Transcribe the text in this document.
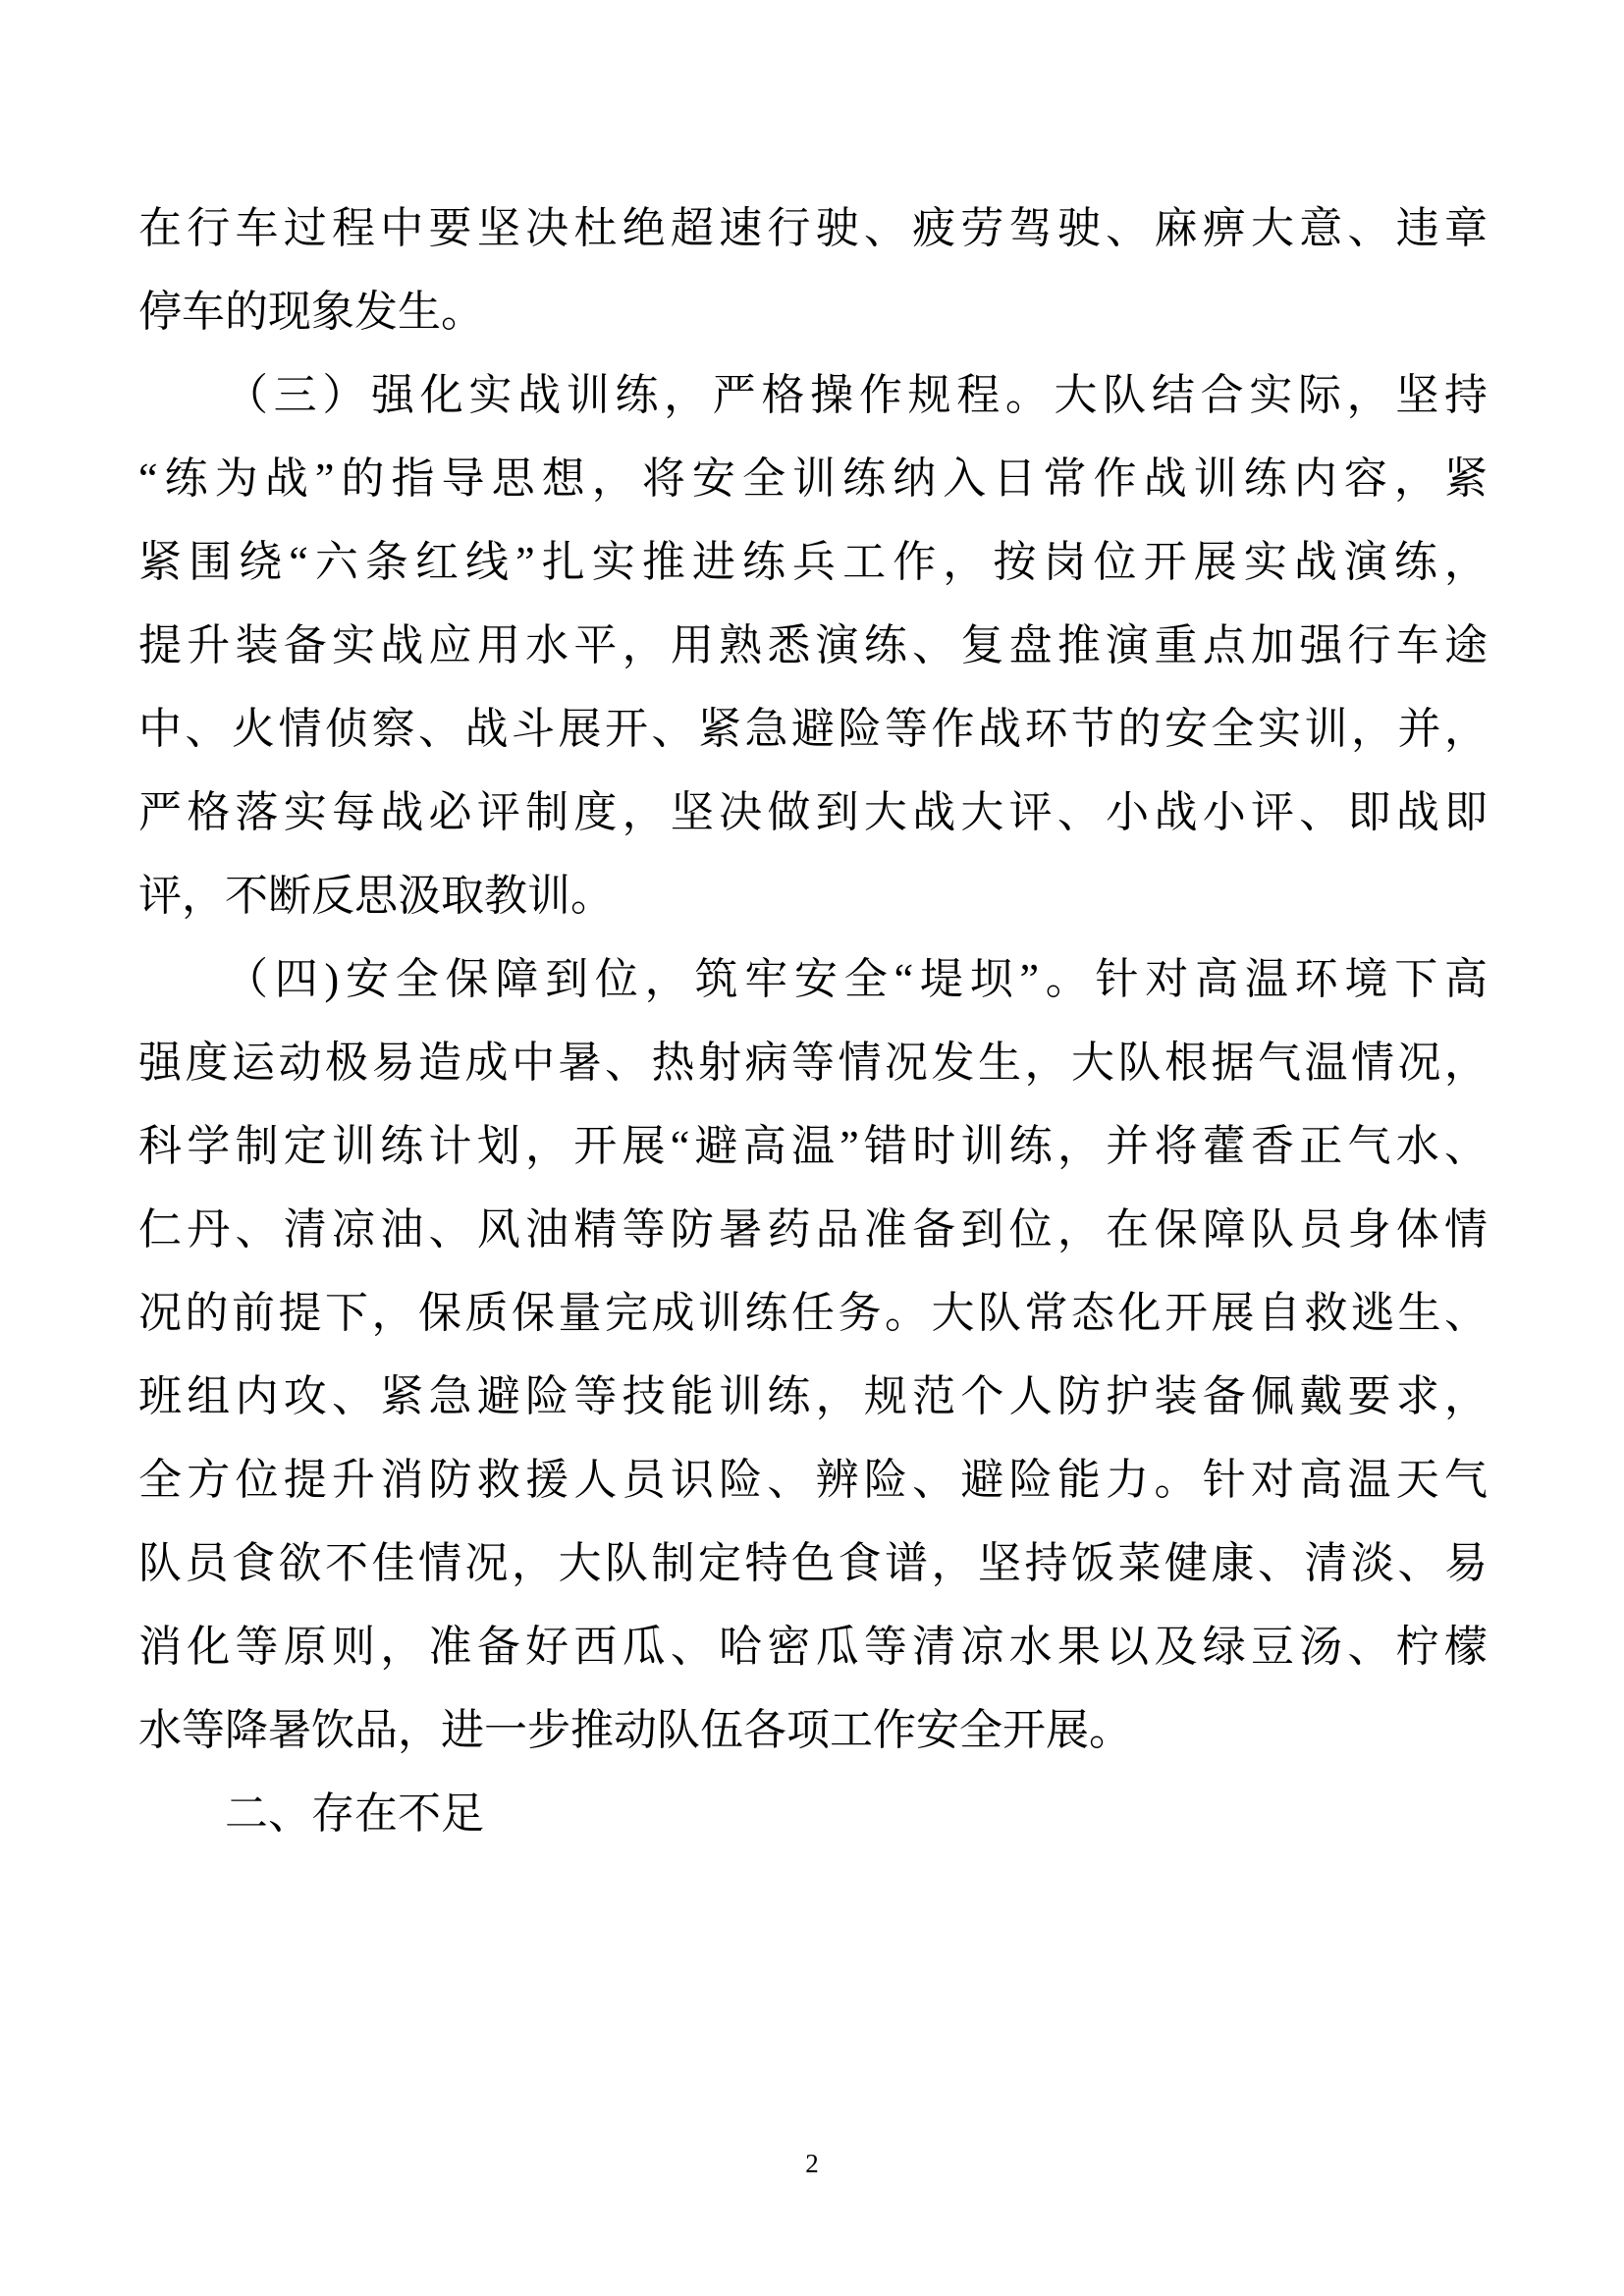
在行车过程中要坚决杜绝超速行驶、疲劳驾驶、麻痹大意、违章
停车的现象发生。
（三）强化实战训练，严格操作规程。大队结合实际，坚持
“练为战”的指导思想，将安全训练纳入日常作战训练内容，紧
紧围绕“六条红线”扎实推进练兵工作，按岗位开展实战演练，
提升装备实战应用水平，用熟悉演练、复盘推演重点加强行车途
中、火情侦察、战斗展开、紧急避险等作战环节的安全实训，并，
严格落实每战必评制度，坚决做到大战大评、小战小评、即战即
评，不断反思汲取教训。
（四)安全保障到位，筑牢安全“堤坝”。针对高温环境下高
强度运动极易造成中暑、热射病等情况发生，大队根据气温情况，
科学制定训练计划，开展“避高温”错时训练，并将藿香正气水、
仁丹、清凉油、风油精等防暑药品准备到位，在保障队员身体情
况的前提下，保质保量完成训练任务。大队常态化开展自救逃生、
班组内攻、紧急避险等技能训练，规范个人防护装备佩戴要求，
全方位提升消防救援人员识险、辨险、避险能力。针对高温天气
队员食欲不佳情况，大队制定特色食谱，坚持饭菜健康、清淡、易
消化等原则，准备好西瓜、哈密瓜等清凉水果以及绿豆汤、柠檬
水等降暑饮品，进一步推动队伍各项工作安全开展。
二、存在不足
2
